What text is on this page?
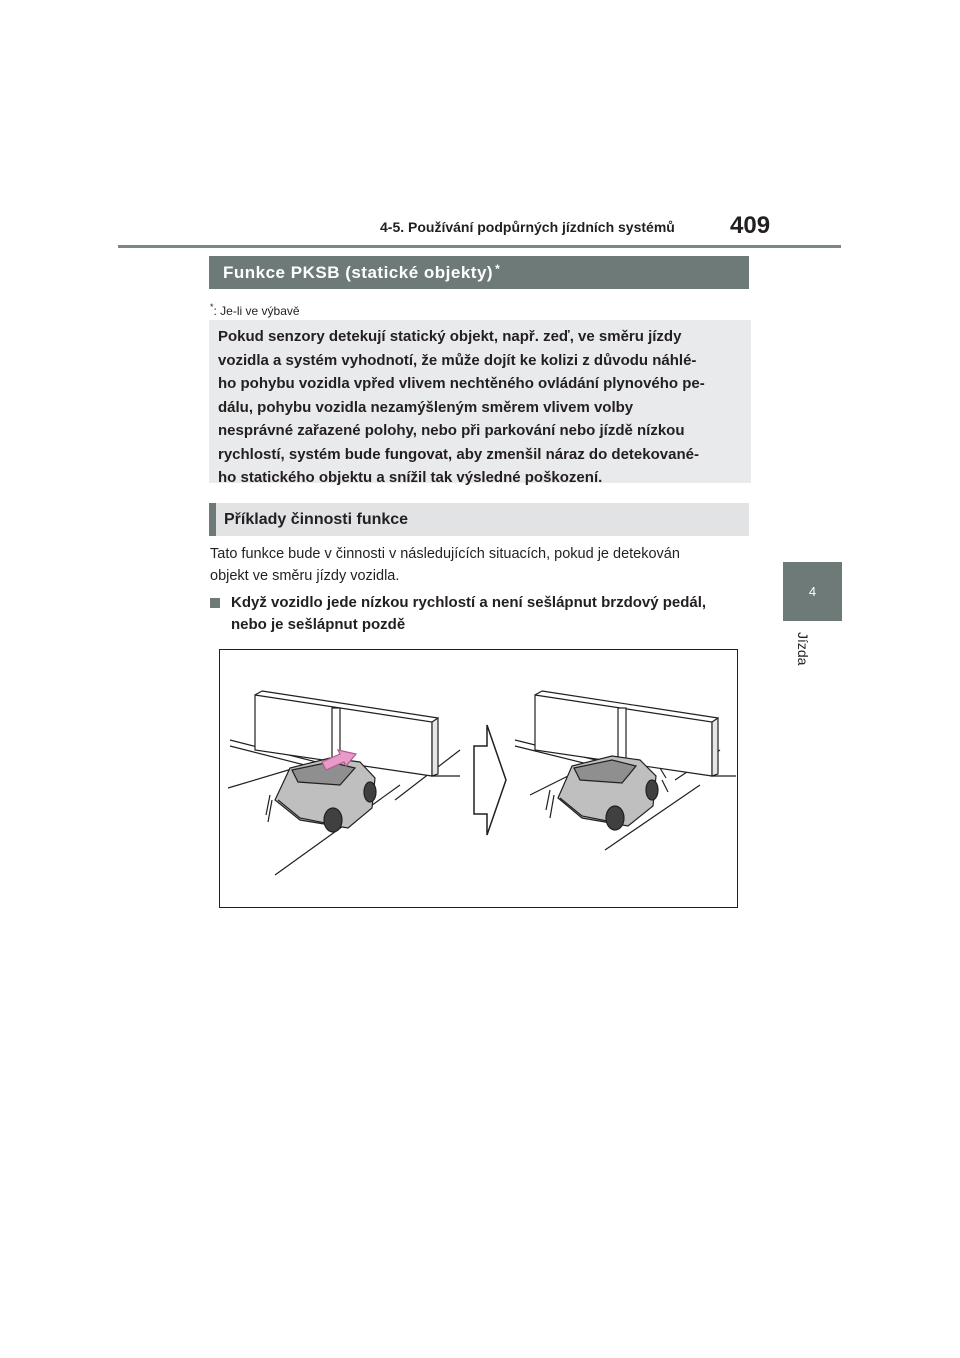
4-5. Používání podpůrných jízdních systémů 409
4
Jízda
Funkce PKSB (statické objekty)*
*: Je-li ve výbavě
Pokud senzory detekují statický objekt, např. zeď, ve směru jízdy
vozidla a systém vyhodnotí, že může dojít ke kolizi z důvodu náhlé-
ho pohybu vozidla vpřed vlivem nechtěného ovládání plynového pe-
dálu, pohybu vozidla nezamýšleným směrem vlivem volby
nesprávné zařazené polohy, nebo při parkování nebo jízdě nízkou
rychlostí, systém bude fungovat, aby zmenšil náraz do detekované-
ho statického objektu a snížil tak výsledné poškození.
Příklady činnosti funkce
Tato funkce bude v činnosti v následujících situacích, pokud je detekován
objekt ve směru jízdy vozidla.
Když vozidlo jede nízkou rychlostí a není sešlápnut brzdový pedál,
nebo je sešlápnut pozdě
